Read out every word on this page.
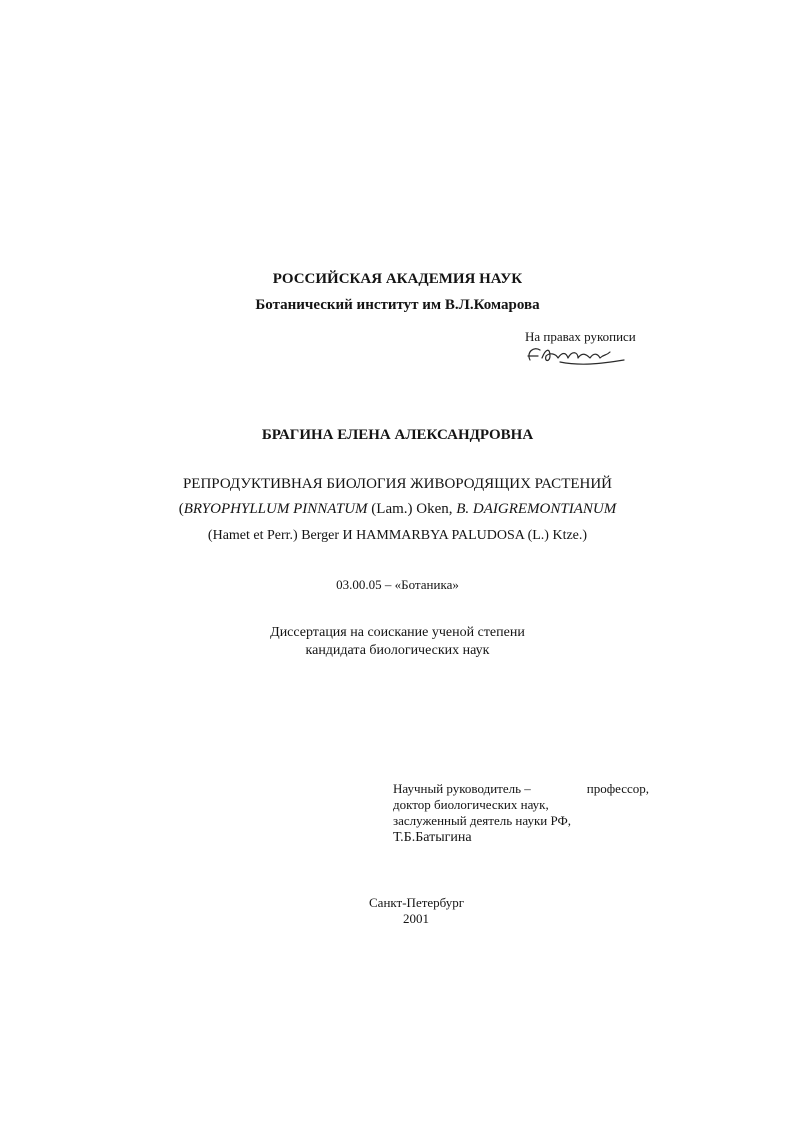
РОССИЙСКАЯ АКАДЕМИЯ НАУК
Ботанический институт им В.Л.Комарова
На правах рукописи
БРАГИНА ЕЛЕНА АЛЕКСАНДРОВНА
РЕПРОДУКТИВНАЯ БИОЛОГИЯ ЖИВОРОДЯЩИХ РАСТЕНИЙ
(BRYOPHYLLUM PINNATUM (Lam.) Oken, B. DAIGREMONTIANUM
(Hamet et Perr.) Berger И HAMMARBYA PALUDOSA (L.) Ktze.)
03.00.05 – «Ботаника»
Диссертация на соискание ученой степени
кандидата биологических наук
Научный руководитель –	профессор,
доктор биологических наук,
заслуженный деятель науки РФ,
Т.Б.Батыгина
Санкт-Петербург
2001
